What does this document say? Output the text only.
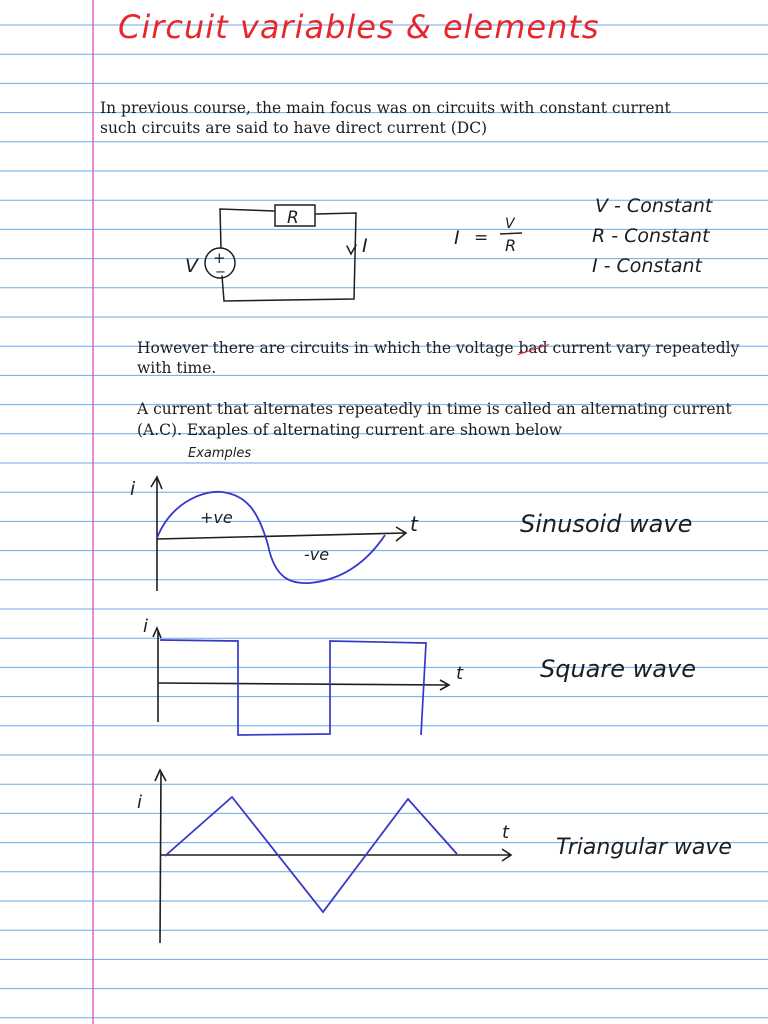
R
+
−
V
I	I =
V
R
V - Constant
R - Constant
I - Constant
Examples
i
t
+ve
-ve
Sinusoid wave
i
t	Square wave
i
t
Triangular wave
Circuit variables & elements

In previous course, the main focus was on circuits with constant current

such circuits are said to have direct current (DC)

However there are circuits in which the voltage bad current vary repeatedly

with time.

A current that alternates repeatedly in time is called an alternating current

(A.C). Exaples of alternating current are shown below
